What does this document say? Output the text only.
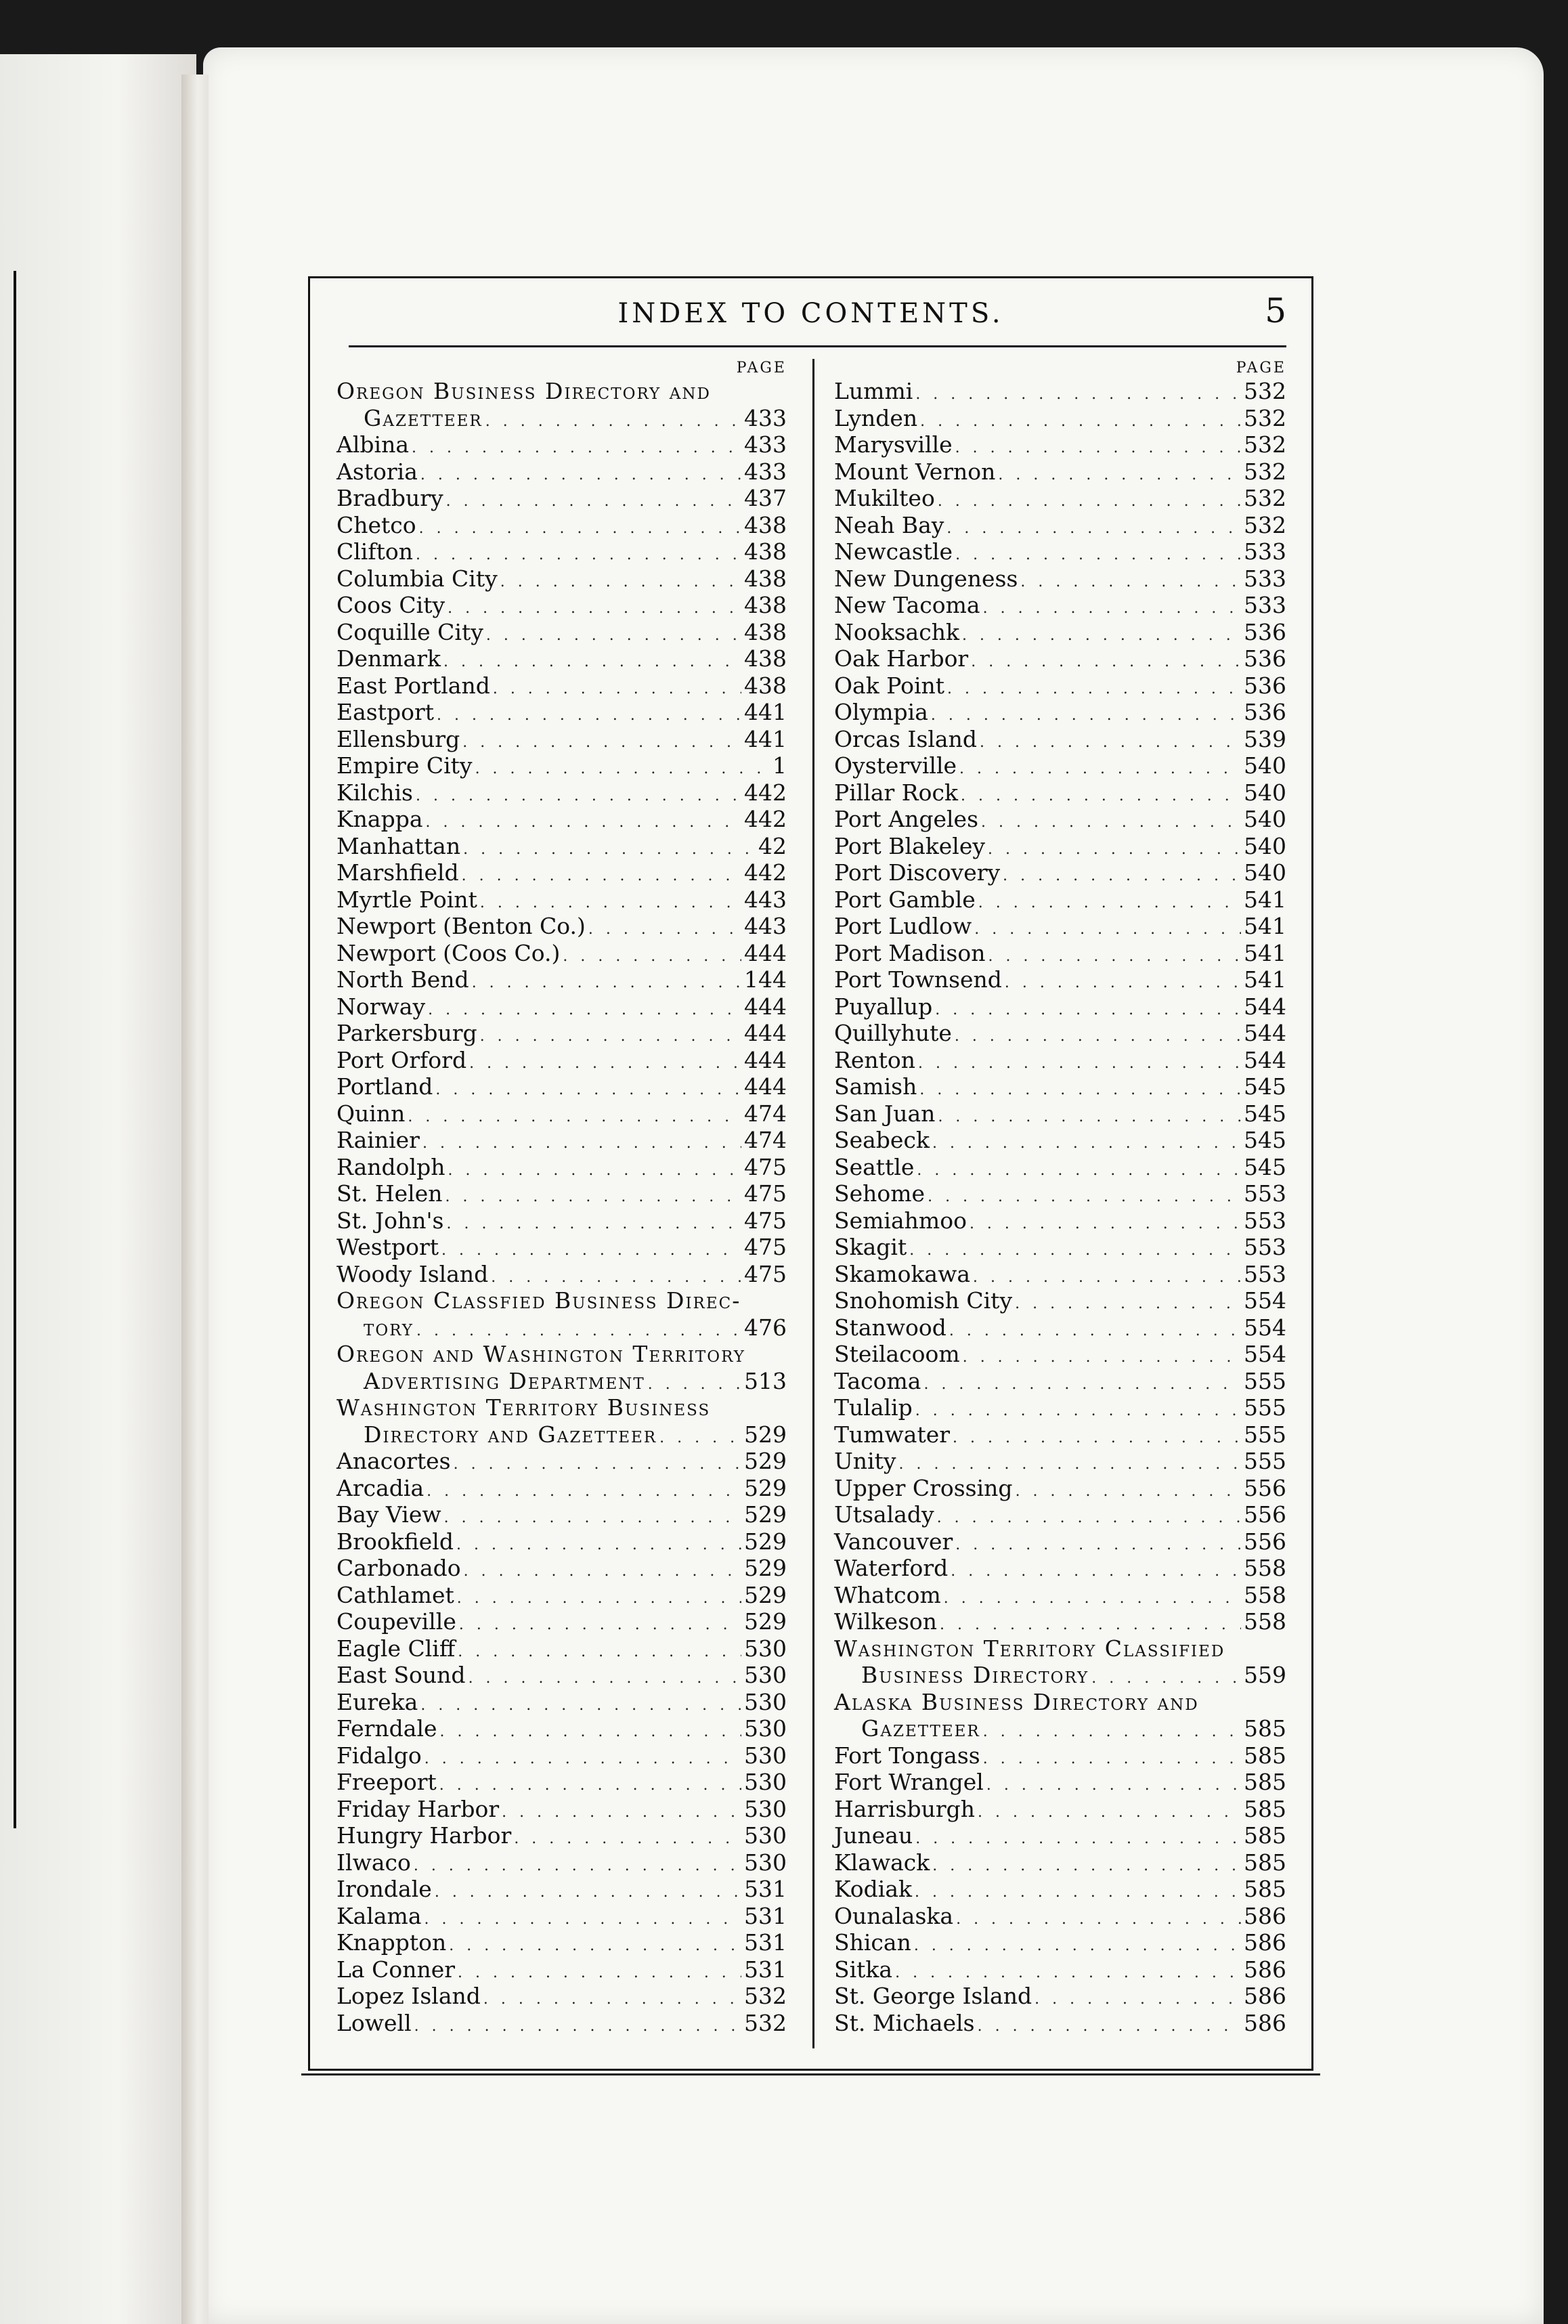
INDEX TO CONTENTS.	5
PAGE
Oregon Business Directory and
Gazetteer . . .	433
Albina . . .	433
Astoria . . .	433
Bradbury . . .	437
Chetco . . .	438
Clifton . . .	438
Columbia City . . .	438
Coos City . . .	438
Coquille City . . .	438
Denmark . . .	438
East Portland . . .	438
Eastport . . .	441
Ellensburg . . .	441
Empire City . . .	1
Kilchis . . .	442
Knappa . . .	442
Manhattan . . .	42
Marshfield . . .	442
Myrtle Point . . .	443
Newport (Benton Co.) . . .	443
Newport (Coos Co.) . . .	444
North Bend . . .	144
Norway . . .	444
Parkersburg . . .	444
Port Orford . . .	444
Portland . . .	444
Quinn . . .	474
Rainier . . .	474
Randolph . . .	475
St. Helen . . .	475
St. John's . . .	475
Westport . . .	475
Woody Island . . .	475
Oregon Classfied Business Direc-
tory . . .	476
Oregon and Washington Territory
Advertising Department . . .	513
Washington Territory Business
Directory and Gazetteer . . .	529
Anacortes . . .	529
Arcadia . . .	529
Bay View . . .	529
Brookfield . . .	529
Carbonado . . .	529
Cathlamet . . .	529
Coupeville . . .	529
Eagle Cliff . . .	530
East Sound . . .	530
Eureka . . .	530
Ferndale . . .	530
Fidalgo . . .	530
Freeport . . .	530
Friday Harbor . . .	530
Hungry Harbor . . .	530
Ilwaco . . .	530
Irondale . . .	531
Kalama . . .	531
Knappton . . .	531
La Conner . . .	531
Lopez Island . . .	532
Lowell . . .	532
PAGE
Lummi . . .	532
Lynden . . .	532
Marysville . . .	532
Mount Vernon . . .	532
Mukilteo . . .	532
Neah Bay . . .	532
Newcastle . . .	533
New Dungeness . . .	533
New Tacoma . . .	533
Nooksachk . . .	536
Oak Harbor . . .	536
Oak Point . . .	536
Olympia . . .	536
Orcas Island . . .	539
Oysterville . . .	540
Pillar Rock . . .	540
Port Angeles . . .	540
Port Blakeley . . .	540
Port Discovery . . .	540
Port Gamble . . .	541
Port Ludlow . . .	541
Port Madison . . .	541
Port Townsend . . .	541
Puyallup . . .	544
Quillyhute . . .	544
Renton . . .	544
Samish . . .	545
San Juan . . .	545
Seabeck . . .	545
Seattle . . .	545
Sehome . . .	553
Semiahmoo . . .	553
Skagit . . .	553
Skamokawa . . .	553
Snohomish City . . .	554
Stanwood . . .	554
Steilacoom . . .	554
Tacoma . . .	555
Tulalip . . .	555
Tumwater . . .	555
Unity . . .	555
Upper Crossing . . .	556
Utsalady . . .	556
Vancouver . . .	556
Waterford . . .	558
Whatcom . . .	558
Wilkeson . . .	558
Washington Territory Classified
Business Directory . . .	559
Alaska Business Directory and
Gazetteer . . .	585
Fort Tongass . . .	585
Fort Wrangel . . .	585
Harrisburgh . . .	585
Juneau . . .	585
Klawack . . .	585
Kodiak . . .	585
Ounalaska . . .	586
Shican . . .	586
Sitka . . .	586
St. George Island . . .	586
St. Michaels . . .	586
